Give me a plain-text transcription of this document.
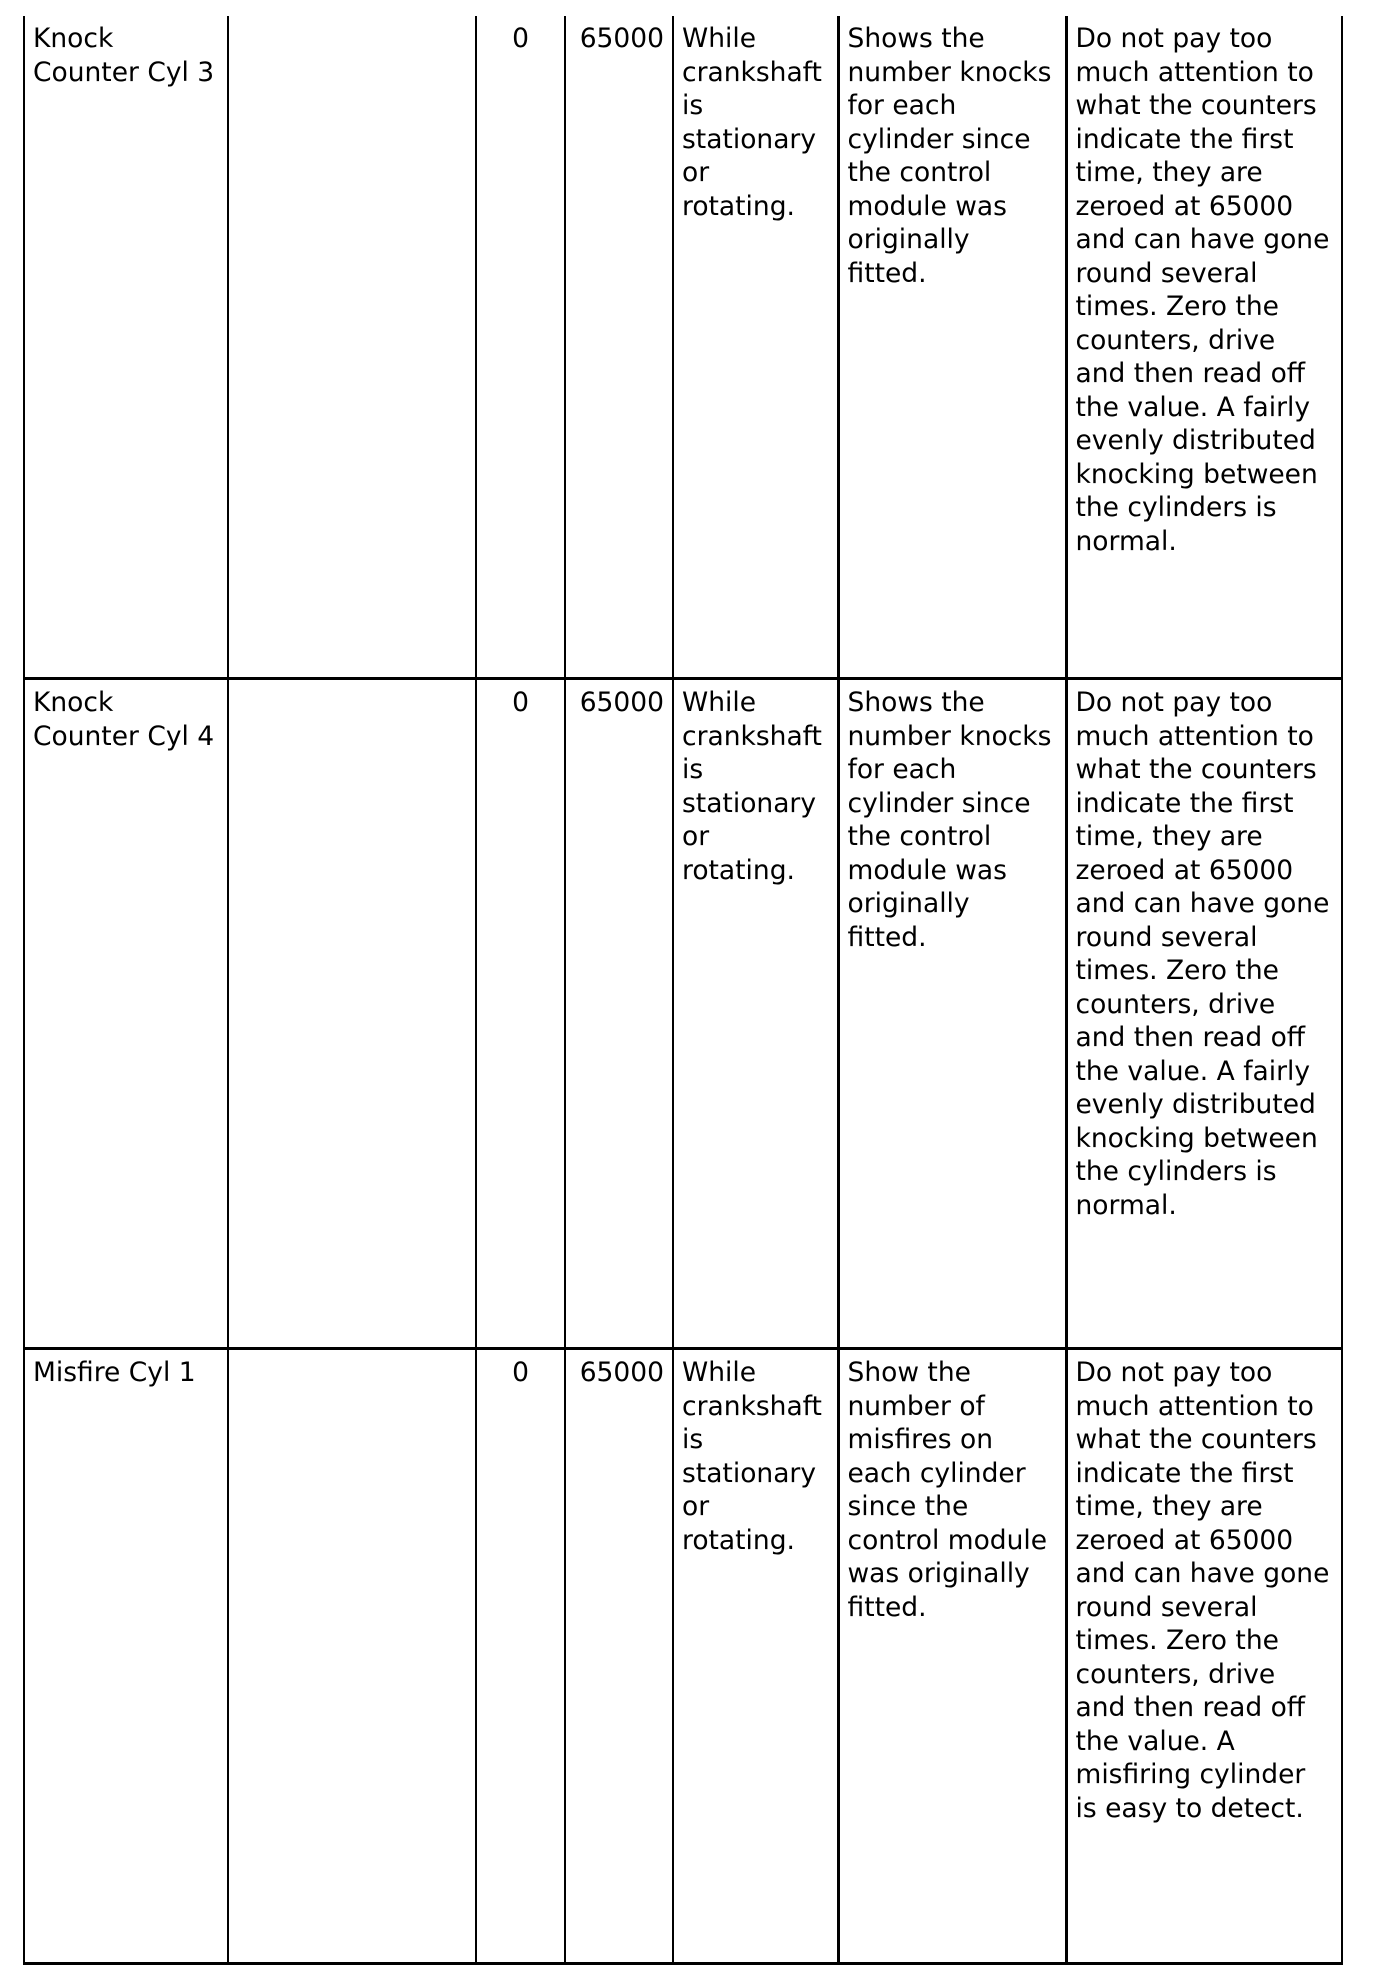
Knock Counter Cyl 3		0	65000	While crankshaft is stationary or rotating.	Shows the number knocks for each cylinder since the control module was originally fitted.	Do not pay too much attention to what the counters indicate the first time, they are zeroed at 65000 and can have gone round several times. Zero the counters, drive and then read off the value. A fairly evenly distributed knocking between the cylinders is normal.
Knock Counter Cyl 4		0	65000	While crankshaft is stationary or rotating.	Shows the number knocks for each cylinder since the control module was originally fitted.	Do not pay too much attention to what the counters indicate the first time, they are zeroed at 65000 and can have gone round several times. Zero the counters, drive and then read off the value. A fairly evenly distributed knocking between the cylinders is normal.
Misfire Cyl 1		0	65000	While crankshaft is stationary or rotating.	Show the number of misfires on each cylinder since the control module was originally fitted.	Do not pay too much attention to what the counters indicate the first time, they are zeroed at 65000 and can have gone round several times. Zero the counters, drive and then read off the value. A misfiring cylinder is easy to detect.
